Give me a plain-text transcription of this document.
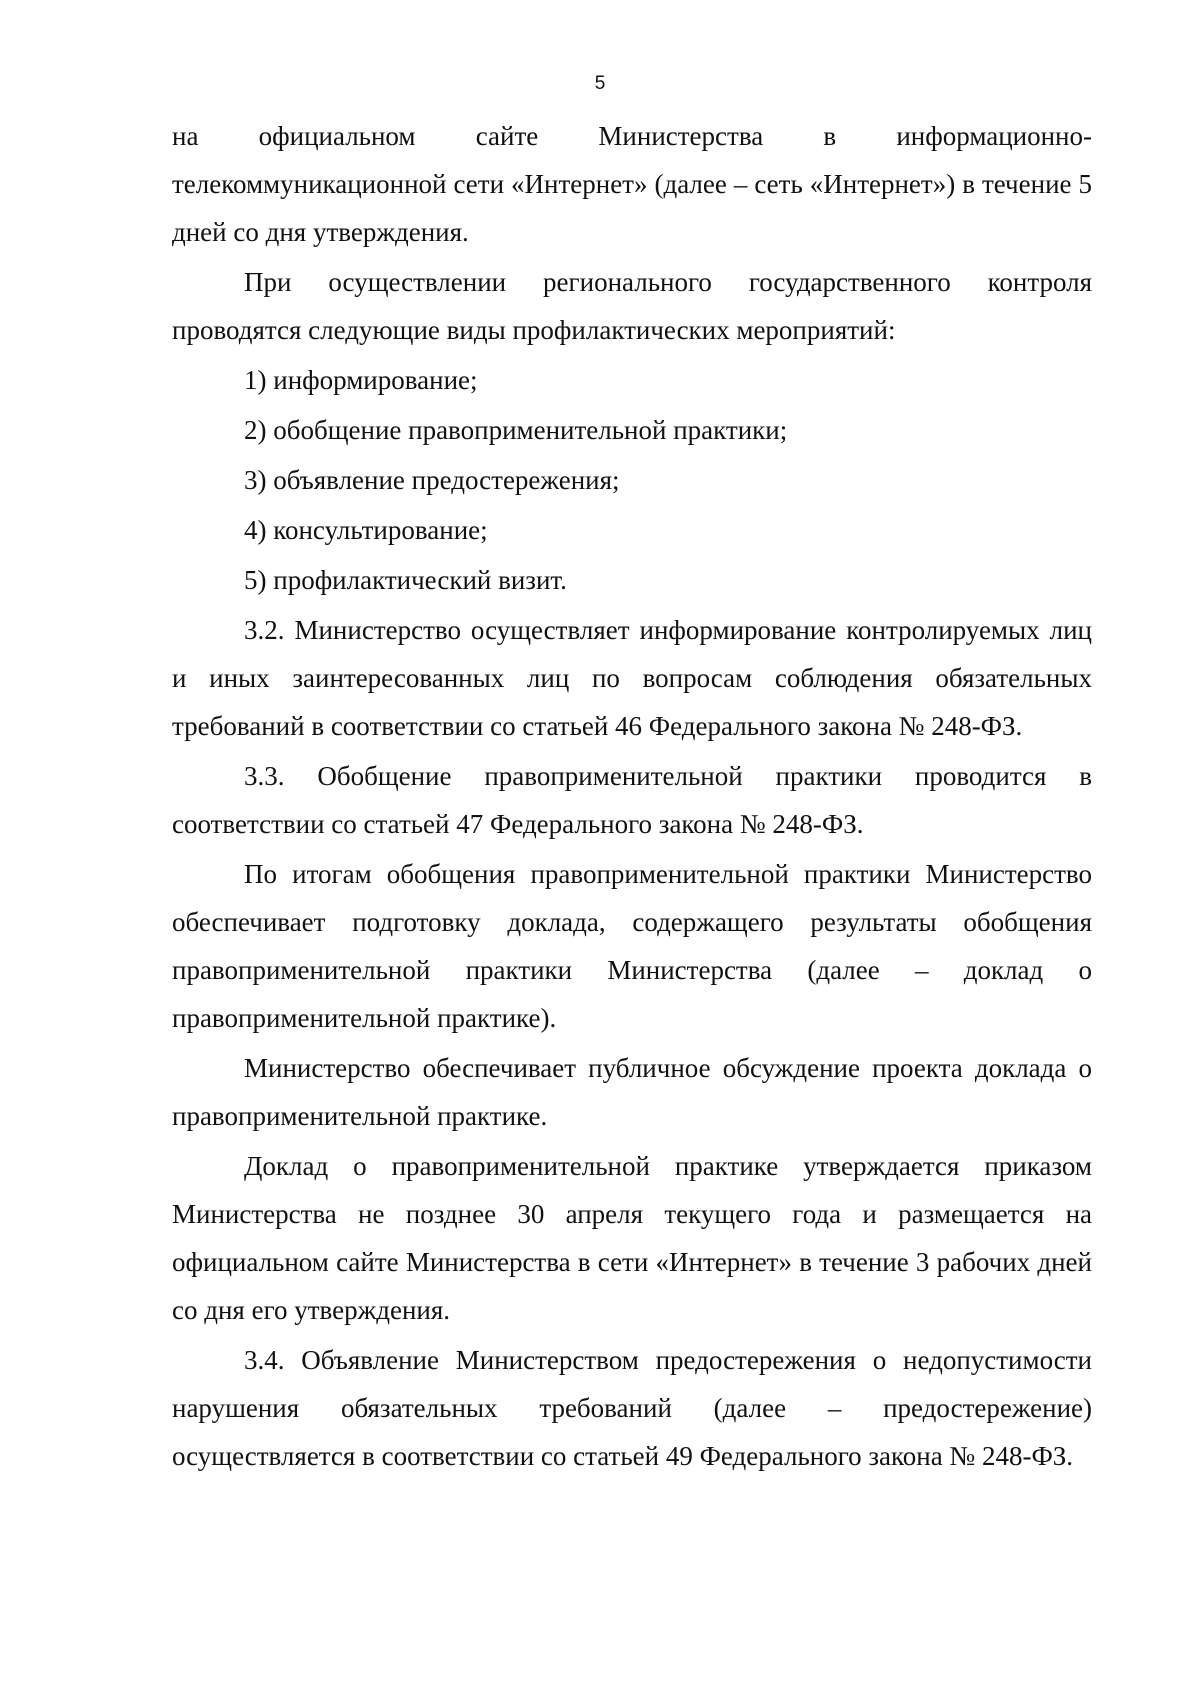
5

на официальном сайте Министерства в информационно-телекоммуникационной сети «Интернет» (далее – сеть «Интернет») в течение 5 дней со дня утверждения.

При осуществлении регионального государственного контроля проводятся следующие виды профилактических мероприятий:

1) информирование;

2) обобщение правоприменительной практики;

3) объявление предостережения;

4) консультирование;

5) профилактический визит.

3.2. Министерство осуществляет информирование контролируемых лиц и иных заинтересованных лиц по вопросам соблюдения обязательных требований в соответствии со статьей 46 Федерального закона № 248-ФЗ.

3.3. Обобщение правоприменительной практики проводится в соответствии со статьей 47 Федерального закона № 248-ФЗ.

По итогам обобщения правоприменительной практики Министерство обеспечивает подготовку доклада, содержащего результаты обобщения правоприменительной практики Министерства (далее – доклад о правоприменительной практике).

Министерство обеспечивает публичное обсуждение проекта доклада о правоприменительной практике.

Доклад о правоприменительной практике утверждается приказом Министерства не позднее 30 апреля текущего года и размещается на официальном сайте Министерства в сети «Интернет» в течение 3 рабочих дней со дня его утверждения.

3.4. Объявление Министерством предостережения о недопустимости нарушения обязательных требований (далее – предостережение) осуществляется в соответствии со статьей 49 Федерального закона № 248-ФЗ.
